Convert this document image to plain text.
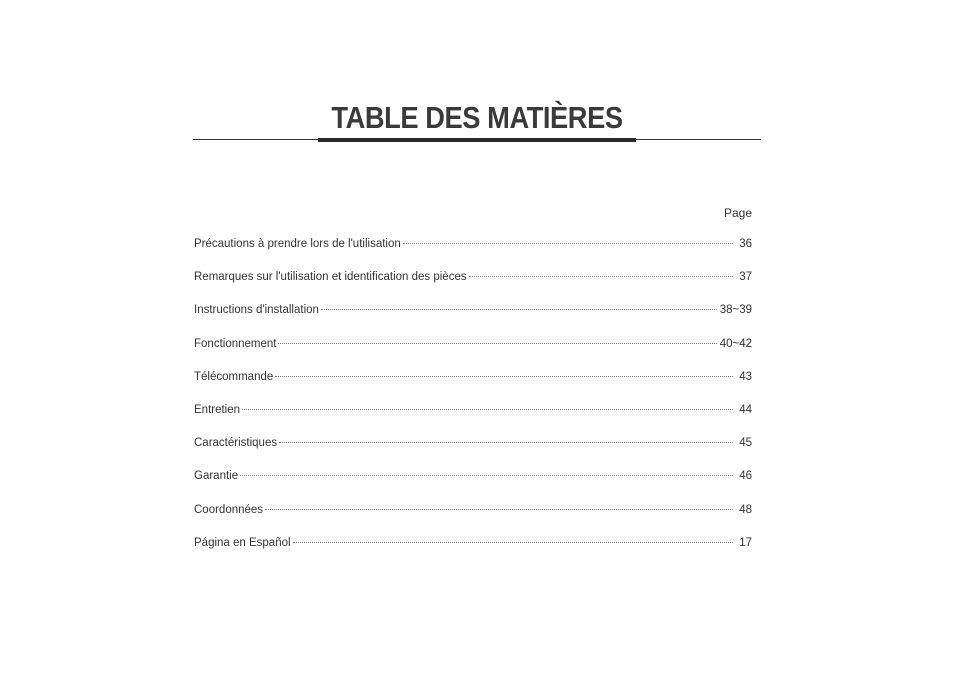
TABLE DES MATIÈRES
Page
Précautions à prendre lors de l'utilisation	36
Remarques sur l'utilisation et identification des pièces	37
Instructions d'installation	38~39
Fonctionnement	40~42
Télécommande	43
Entretien	44
Caractéristiques	45
Garantie	46
Coordonnées	48
Página en Español	17
